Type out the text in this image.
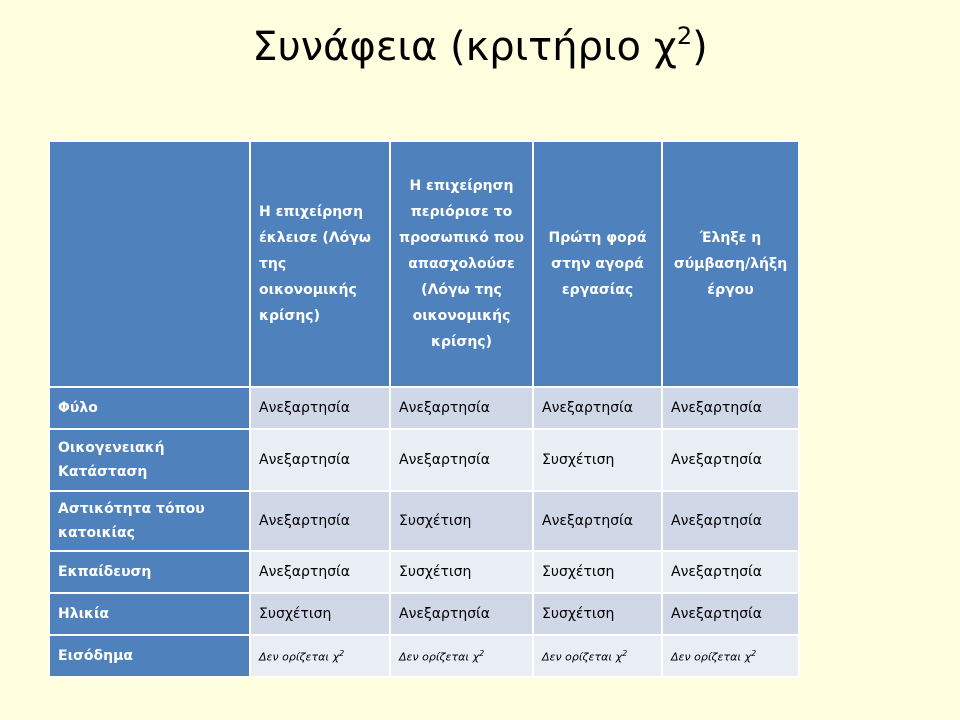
Συνάφεια (κριτήριο $\chi^2$)
	Η επιχείρηση έκλεισε (Λόγω της οικονομικής κρίσης)	Η επιχείρηση περιόρισε το προσωπικό που απασχολούσε (Λόγω της οικονομικής κρίσης)	Πρώτη φορά στην αγορά εργασίας	Έληξε η σύμβαση/λήξη έργου
Φύλο	Ανεξαρτησία	Ανεξαρτησία	Ανεξαρτησία	Ανεξαρτησία
Οικογενειακή Κατάσταση	Ανεξαρτησία	Ανεξαρτησία	Συσχέτιση	Ανεξαρτησία
Αστικότητα τόπου κατοικίας	Ανεξαρτησία	Συσχέτιση	Ανεξαρτησία	Ανεξαρτησία
Εκπαίδευση	Ανεξαρτησία	Συσχέτιση	Συσχέτιση	Ανεξαρτησία
Ηλικία	Συσχέτιση	Ανεξαρτησία	Συσχέτιση	Ανεξαρτησία
Εισόδημα	Δεν ορίζεται $\chi^2$	Δεν ορίζεται $\chi^2$	Δεν ορίζεται $\chi^2$	Δεν ορίζεται $\chi^2$
